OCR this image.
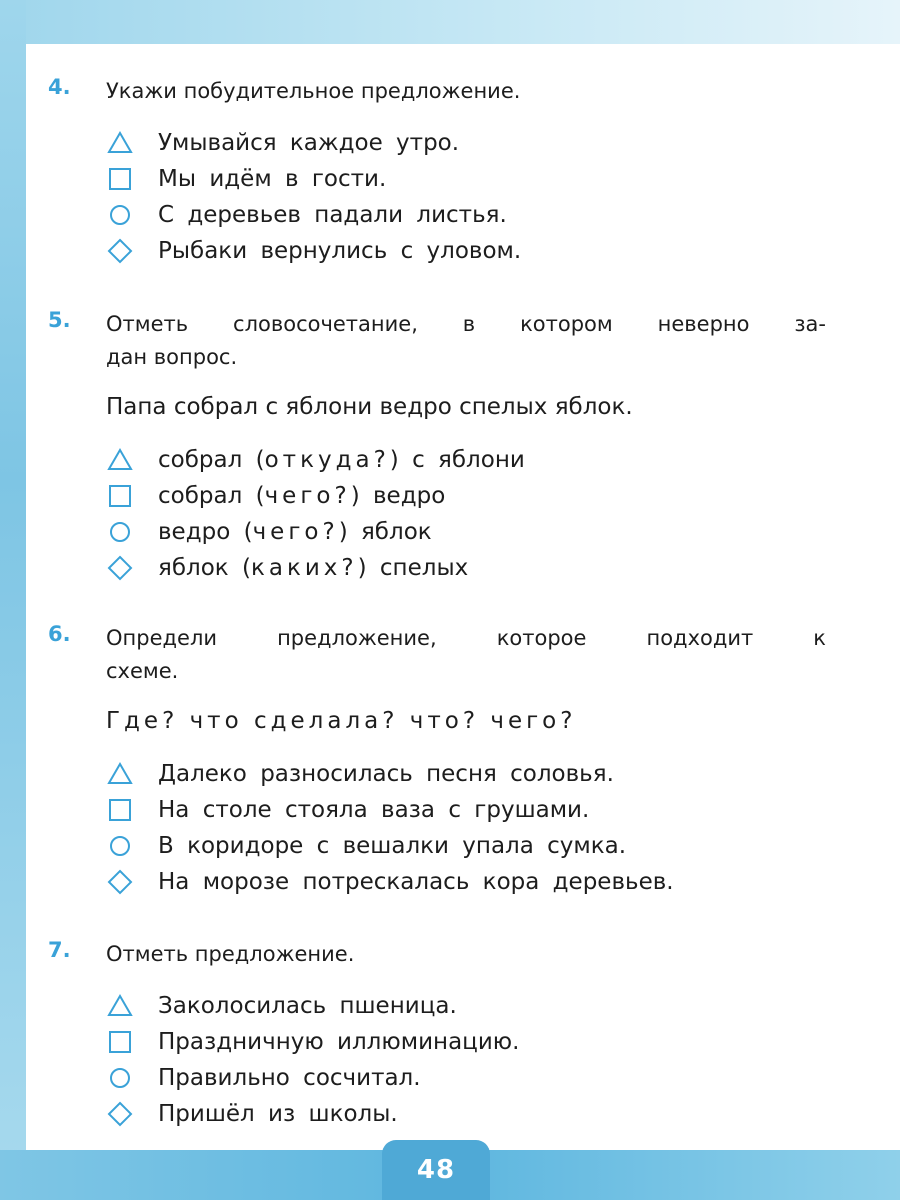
48
4. Укажи побудительное предложение.
Умывайся каждое утро.
Мы идём в гости.
С деревьев падали листья.
Рыбаки вернулись с уловом.
5. Отметь словосочетание, в котором неверно за-
дан вопрос.
Папа собрал с яблони ведро спелых яблок.
собрал (откуда?) с яблони
собрал (чего?) ведро
ведро (чего?) яблок
яблок (каких?) спелых
6. Определи предложение, которое подходит к
схеме.
Где? что сделала? что? чего?
Далеко разносилась песня соловья.
На столе стояла ваза с грушами.
В коридоре с вешалки упала сумка.
На морозе потрескалась кора деревьев.
7. Отметь предложение.
Заколосилась пшеница.
Праздничную иллюминацию.
Правильно сосчитал.
Пришёл из школы.
